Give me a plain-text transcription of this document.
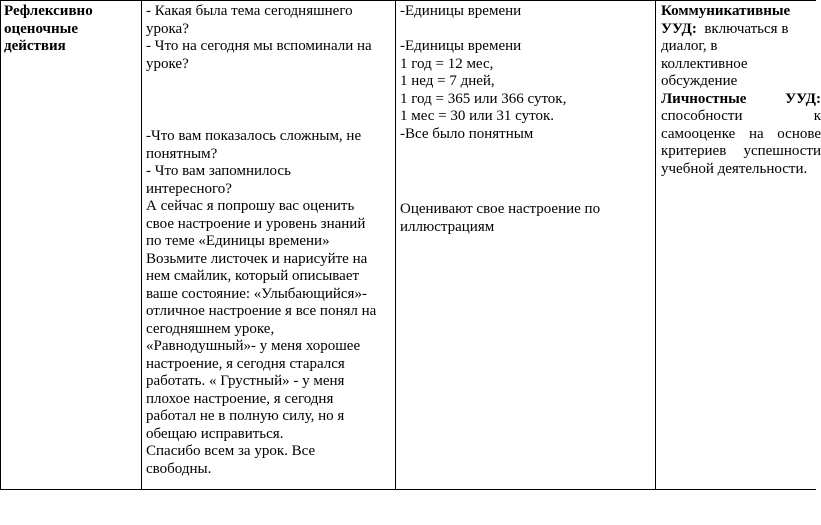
Рефлексивно
оценочные
действия
- Какая была тема сегодняшнего
урока?
- Что на сегодня мы вспоминали на
уроке?
-Что вам показалось сложным, не
понятным?
- Что вам запомнилось
интересного?
А сейчас я попрошу вас оценить
свое настроение и уровень знаний
по теме «Единицы времени»
Возьмите листочек и нарисуйте на
нем смайлик, который описывает
ваше состояние: «Улыбающийся»-
отличное настроение я все понял на
сегодняшнем уроке,
«Равнодушный»- у меня хорошее
настроение, я сегодня старался
работать. « Грустный» - у меня
плохое настроение, я сегодня
работал не в полную силу, но я
обещаю исправиться.
Спасибо всем за урок. Все
свободны.
-Единицы времени
-Единицы времени
1 год = 12 мес,
1 нед = 7 дней,
1 год = 365 или 366 суток,
1 мес = 30 или 31 суток.
-Все было понятным
Оценивают свое настроение по
иллюстрациям
Коммуникативные
УУД: включаться в
диалог, в
коллективное
обсуждение
Личностные	УУД:
способности	к
самооценке на основе
критериев успешности
учебной деятельности.
